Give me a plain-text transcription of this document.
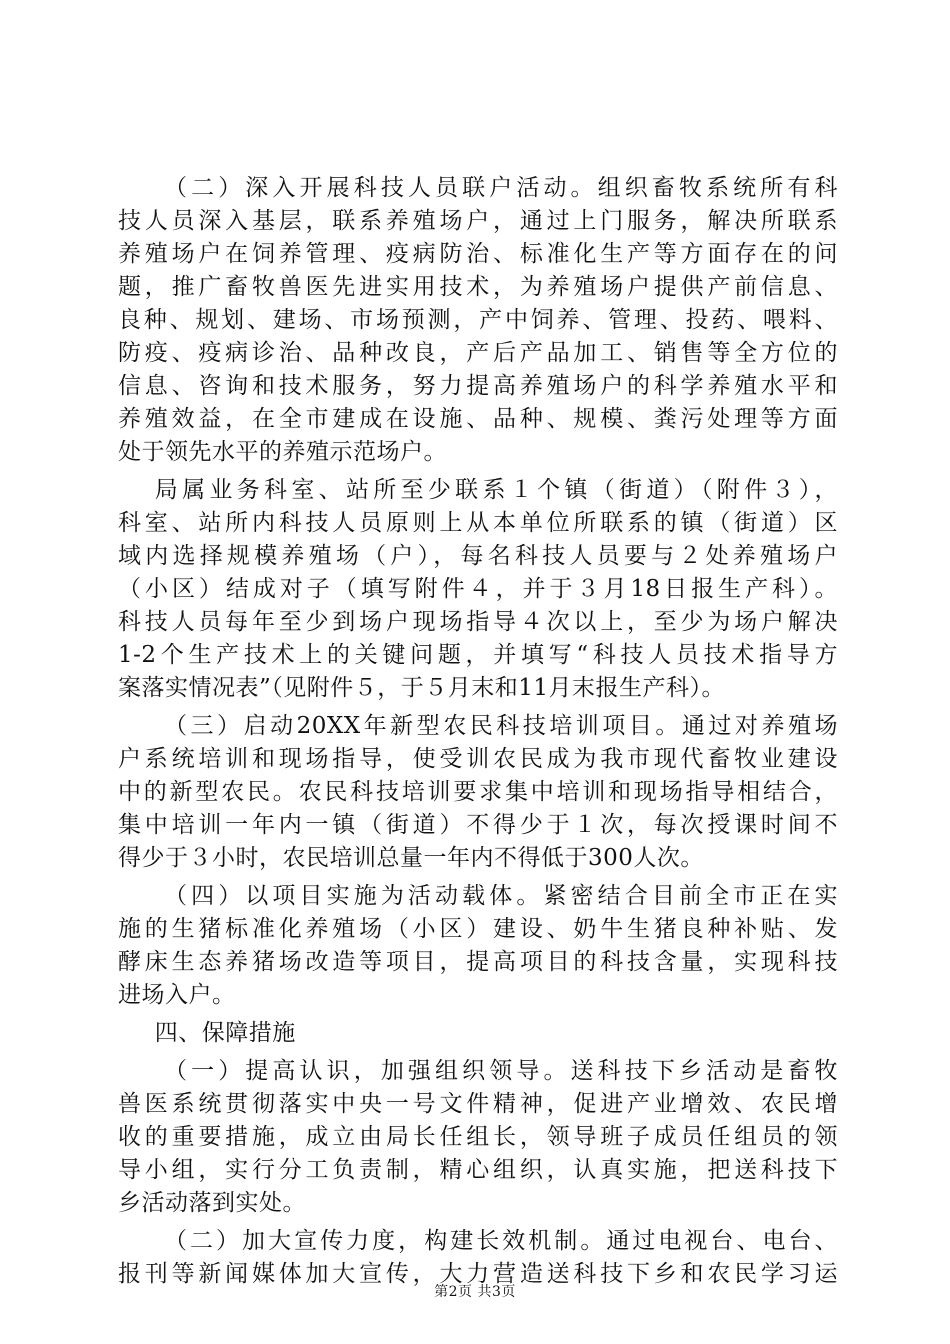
（二）深入开展科技人员联户活动。组织畜牧系统所有科
技人员深入基层，联系养殖场户，通过上门服务，解决所联系
养殖场户在饲养管理、疫病防治、标准化生产等方面存在的问
题，推广畜牧兽医先进实用技术，为养殖场户提供产前信息、
良种、规划、建场、市场预测，产中饲养、管理、投药、喂料、
防疫、疫病诊治、品种改良，产后产品加工、销售等全方位的
信息、咨询和技术服务，努力提高养殖场户的科学养殖水平和
养殖效益，在全市建成在设施、品种、规模、粪污处理等方面
处于领先水平的养殖示范场户。
局属业务科室、站所至少联系１个镇（街道）（附件３），
科室、站所内科技人员原则上从本单位所联系的镇（街道）区
域内选择规模养殖场（户），每名科技人员要与２处养殖场户
（小区）结成对子（填写附件４，并于３月18日报生产科）。
科技人员每年至少到场户现场指导４次以上，至少为场户解决
1-2个生产技术上的关键问题，并填写“科技人员技术指导方
案落实情况表”（见附件５，于５月末和11月末报生产科）。
（三）启动20XX年新型农民科技培训项目。通过对养殖场
户系统培训和现场指导，使受训农民成为我市现代畜牧业建设
中的新型农民。农民科技培训要求集中培训和现场指导相结合，
集中培训一年内一镇（街道）不得少于１次，每次授课时间不
得少于３小时，农民培训总量一年内不得低于300人次。
（四）以项目实施为活动载体。紧密结合目前全市正在实
施的生猪标准化养殖场（小区）建设、奶牛生猪良种补贴、发
酵床生态养猪场改造等项目，提高项目的科技含量，实现科技
进场入户。
四、保障措施
（一）提高认识，加强组织领导。送科技下乡活动是畜牧
兽医系统贯彻落实中央一号文件精神，促进产业增效、农民增
收的重要措施，成立由局长任组长，领导班子成员任组员的领
导小组，实行分工负责制，精心组织，认真实施，把送科技下
乡活动落到实处。
（二）加大宣传力度，构建长效机制。通过电视台、电台、
报刊等新闻媒体加大宣传，大力营造送科技下乡和农民学习运
第2页 共3页
